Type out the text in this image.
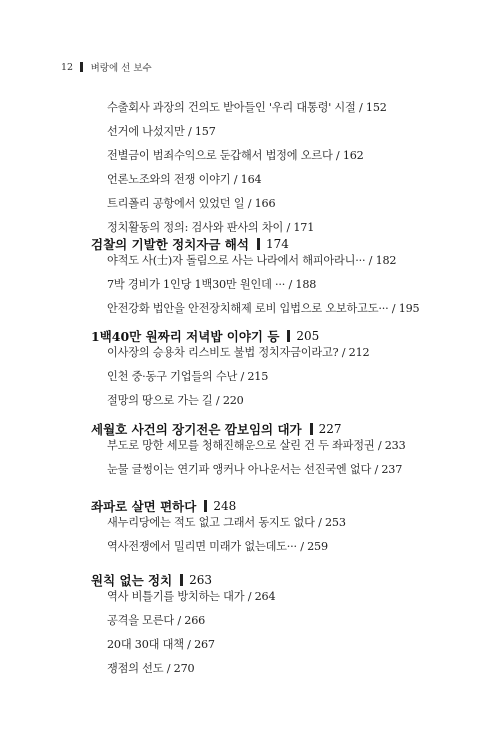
12 벼랑에 선 보수
수출회사 과장의 건의도 받아들인 '우리 대통령' 시절 / 152
선거에 나섰지만 / 157
전별금이 범죄수익으로 둔갑해서 법정에 오르다 / 162
언론노조와의 전쟁 이야기 / 164
트리폴리 공항에서 있었던 일 / 166
정치활동의 정의: 검사와 판사의 차이 / 171
검찰의 기발한 정치자금 해석 174
야적도 사(士)자 돌림으로 사는 나라에서 해피아라니··· / 182
7박 경비가 1인당 1백30만 원인데 ··· / 188
안전강화 법안을 안전장치해제 로비 입법으로 오보하고도··· / 195
1백40만 원짜리 저녁밥 이야기 등 205
이사장의 승용차 리스비도 불법 정치자금이라고? / 212
인천 중·동구 기업들의 수난 / 215
절망의 땅으로 가는 길 / 220
세월호 사건의 장기전은 깜보임의 대가 227
부도로 망한 세모를 청해진해운으로 살린 건 두 좌파정권 / 233
눈물 글썽이는 연기파 앵커나 아나운서는 선진국엔 없다 / 237
좌파로 살면 편하다 248
새누리당에는 적도 없고 그래서 동지도 없다 / 253
역사전쟁에서 밀리면 미래가 없는데도··· / 259
원칙 없는 정치 263
역사 비틀기를 방치하는 대가 / 264
공격을 모른다 / 266
20대 30대 대책 / 267
쟁점의 선도 / 270
